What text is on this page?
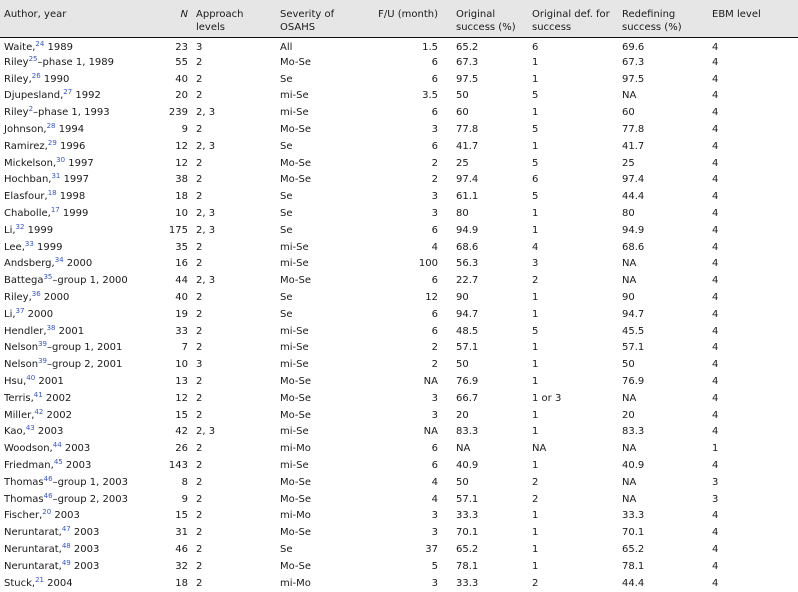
Author, year	N	Approach levels	Severity of OSAHS	F/U (month)	Original success (%)	Original def. for success	Redefining success (%)	EBM level
Waite,$^{24}$ 1989	23	3	All	1.5	65.2	6	69.6	4
Riley$^{25}$–phase 1, 1989	55	2	Mo-Se	6	67.3	1	67.3	4
Riley,$^{26}$ 1990	40	2	Se	6	97.5	1	97.5	4
Djupesland,$^{27}$ 1992	20	2	mi-Se	3.5	50	5	NA	4
Riley$^2$–phase 1, 1993	239	2, 3	mi-Se	6	60	1	60	4
Johnson,$^{28}$ 1994	9	2	Mo-Se	3	77.8	5	77.8	4
Ramirez,$^{29}$ 1996	12	2, 3	Se	6	41.7	1	41.7	4
Mickelson,$^{30}$ 1997	12	2	Mo-Se	2	25	5	25	4
Hochban,$^{31}$ 1997	38	2	Mo-Se	2	97.4	6	97.4	4
Elasfour,$^{18}$ 1998	18	2	Se	3	61.1	5	44.4	4
Chabolle,$^{17}$ 1999	10	2, 3	Se	3	80	1	80	4
Li,$^{32}$ 1999	175	2, 3	Se	6	94.9	1	94.9	4
Lee,$^{33}$ 1999	35	2	mi-Se	4	68.6	4	68.6	4
Andsberg,$^{34}$ 2000	16	2	mi-Se	100	56.3	3	NA	4
Battega$^{35}$–group 1, 2000	44	2, 3	Mo-Se	6	22.7	2	NA	4
Riley,$^{36}$ 2000	40	2	Se	12	90	1	90	4
Li,$^{37}$ 2000	19	2	Se	6	94.7	1	94.7	4
Hendler,$^{38}$ 2001	33	2	mi-Se	6	48.5	5	45.5	4
Nelson$^{39}$–group 1, 2001	7	2	mi-Se	2	57.1	1	57.1	4
Nelson$^{39}$–group 2, 2001	10	3	mi-Se	2	50	1	50	4
Hsu,$^{40}$ 2001	13	2	Mo-Se	NA	76.9	1	76.9	4
Terris,$^{41}$ 2002	12	2	Mo-Se	3	66.7	1 or 3	NA	4
Miller,$^{42}$ 2002	15	2	Mo-Se	3	20	1	20	4
Kao,$^{43}$ 2003	42	2, 3	mi-Se	NA	83.3	1	83.3	4
Woodson,$^{44}$ 2003	26	2	mi-Mo	6	NA	NA	NA	1
Friedman,$^{45}$ 2003	143	2	mi-Se	6	40.9	1	40.9	4
Thomas$^{46}$–group 1, 2003	8	2	Mo-Se	4	50	2	NA	3
Thomas$^{46}$–group 2, 2003	9	2	Mo-Se	4	57.1	2	NA	3
Fischer,$^{20}$ 2003	15	2	mi-Mo	3	33.3	1	33.3	4
Neruntarat,$^{47}$ 2003	31	2	Mo-Se	3	70.1	1	70.1	4
Neruntarat,$^{48}$ 2003	46	2	Se	37	65.2	1	65.2	4
Neruntarat,$^{49}$ 2003	32	2	Mo-Se	5	78.1	1	78.1	4
Stuck,$^{21}$ 2004	18	2	mi-Mo	3	33.3	2	44.4	4
